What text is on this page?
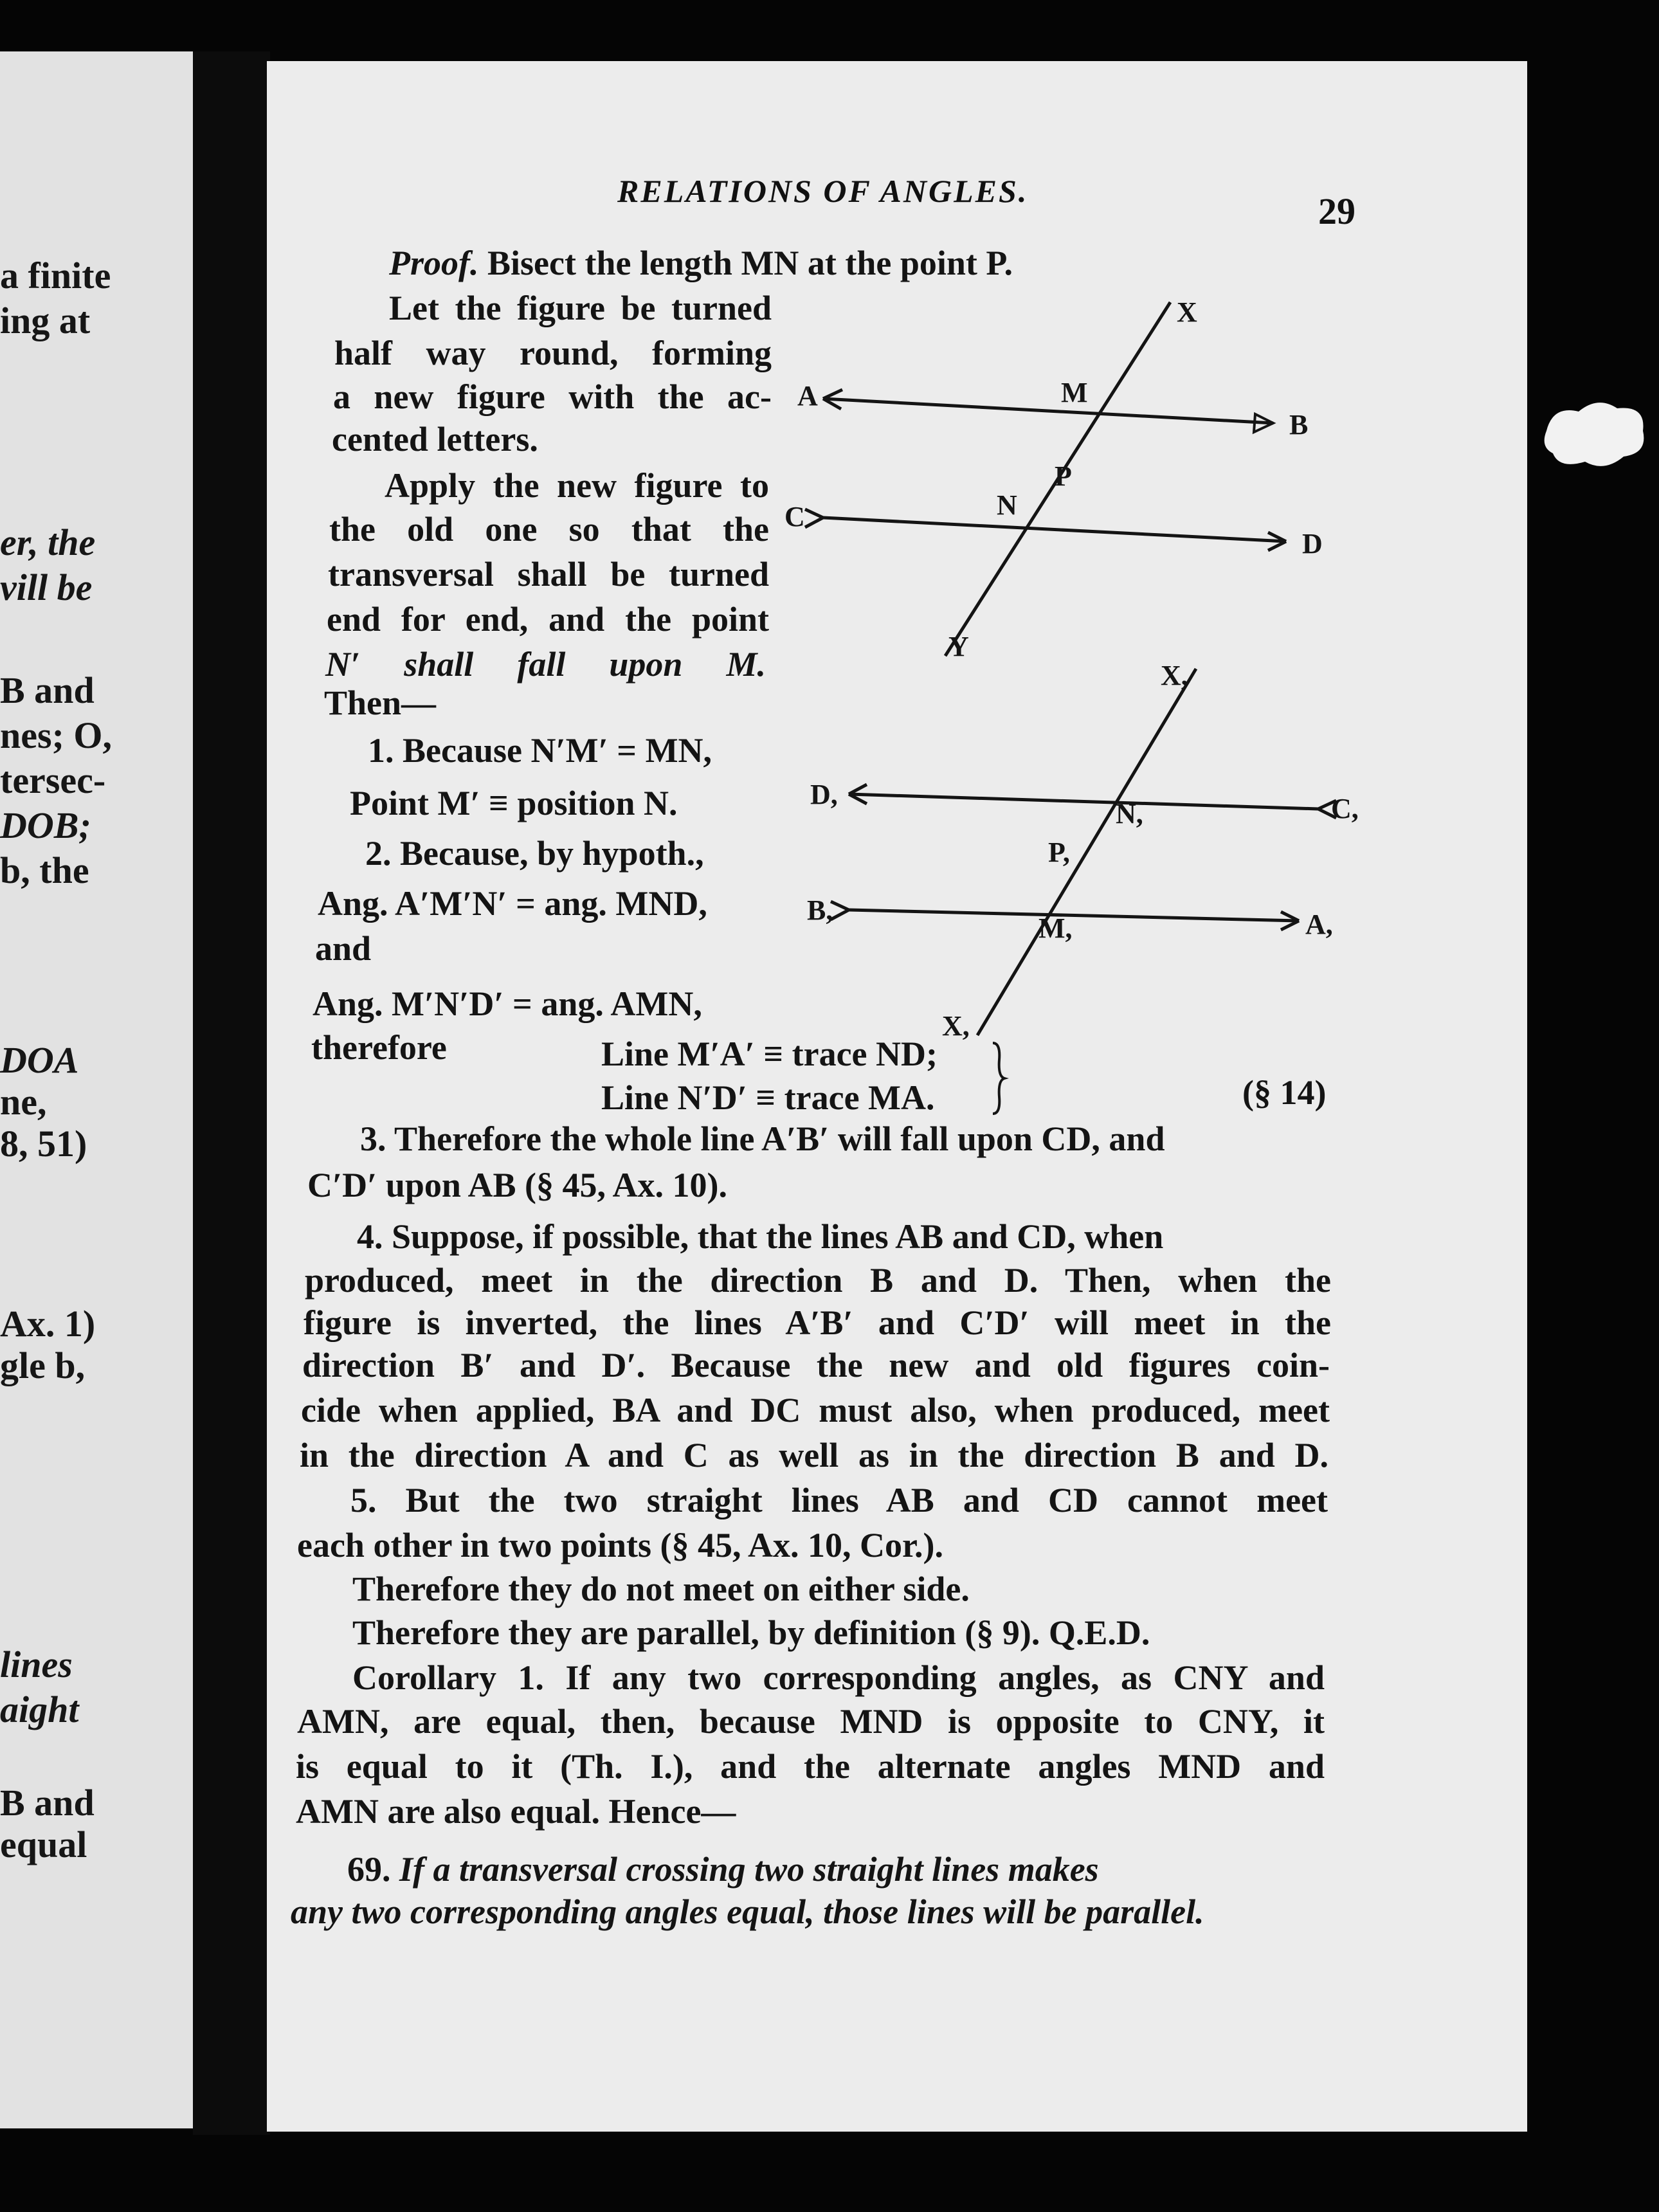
a finite
ing at
er, the
vill be
B and
nes; O,
tersec-
DOB;
b, the
DOA
ne,
8, 51)
Ax. 1)
gle b,
lines
aight
B and
equal
RELATIONS OF ANGLES.	29
Proof. Bisect the length MN at the point P.
Let the figure be turned
half way round, forming
a new figure with the ac-
cented letters.
Apply the new figure to
the old one so that the
transversal shall be turned
end for end, and the point
N′ shall fall upon M.
Then—
1. Because N′M′ = MN,
Point M′ ≡ position N.
2. Because, by hypoth.,
Ang. A′M′N′ = ang. MND,
and
Ang. M′N′D′ = ang. AMN,
therefore	Line M′A′ ≡ trace ND;
Line N′D′ ≡ trace MA.	(§ 14)
3. Therefore the whole line A′B′ will fall upon CD, and
C′D′ upon AB (§ 45, Ax. 10).
4. Suppose, if possible, that the lines AB and CD, when
produced, meet in the direction B and D. Then, when the
figure is inverted, the lines A′B′ and C′D′ will meet in the
direction B′ and D′. Because the new and old figures coin-
cide when applied, BA and DC must also, when produced, meet
in the direction A and C as well as in the direction B and D.
5. But the two straight lines AB and CD cannot meet
each other in two points (§ 45, Ax. 10, Cor.).
Therefore they do not meet on either side.
Therefore they are parallel, by definition (§ 9). Q.E.D.
Corollary 1. If any two corresponding angles, as CNY and
AMN, are equal, then, because MND is opposite to CNY, it
is equal to it (Th. I.), and the alternate angles MND and
AMN are also equal. Hence—
69. If a transversal crossing two straight lines makes
any two corresponding angles equal, those lines will be parallel.
X
A	M
B
P
C	N
D
Y
X,
D,
N,	C,
P,
B,
M,	A,
X,
